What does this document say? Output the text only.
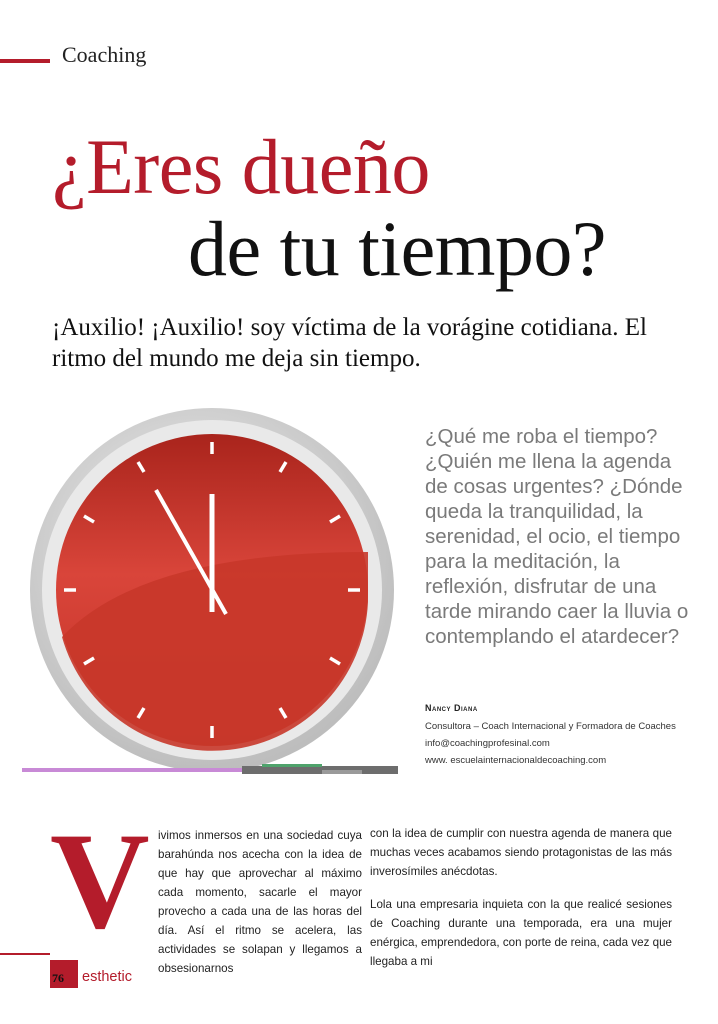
Coaching
¿Eres dueño
de tu tiempo?
¡Auxilio! ¡Auxilio! soy víctima de la vorágine cotidiana. El ritmo del mundo me deja sin tiempo.
¿Qué me roba el tiempo? ¿Quién me llena la agenda de cosas urgentes? ¿Dónde queda la tranquilidad, la serenidad, el ocio, el tiempo para la meditación, la reflexión, disfrutar de una tarde mirando caer la lluvia o contemplando el atardecer?
Nancy Diana
Consultora – Coach Internacional y Formadora de Coaches
info@coachingprofesinal.com
www. escuelainternacionaldecoaching.com
V ivimos inmersos en una sociedad cuya barahúnda nos acecha con la idea de que hay que aprovechar al máximo cada momento, sacarle el mayor provecho a cada una de las horas del día. Así el ritmo se acelera, las actividades se solapan y llegamos a obsesionarnos

con la idea de cumplir con nuestra agenda de manera que muchas veces acabamos siendo protagonistas de las más inverosímiles anécdotas.

Lola una empresaria inquieta con la que realicé sesiones de Coaching durante una temporada, era una mujer enérgica, emprendedora, con porte de reina, cada vez que llegaba a mi

76 esthetic
